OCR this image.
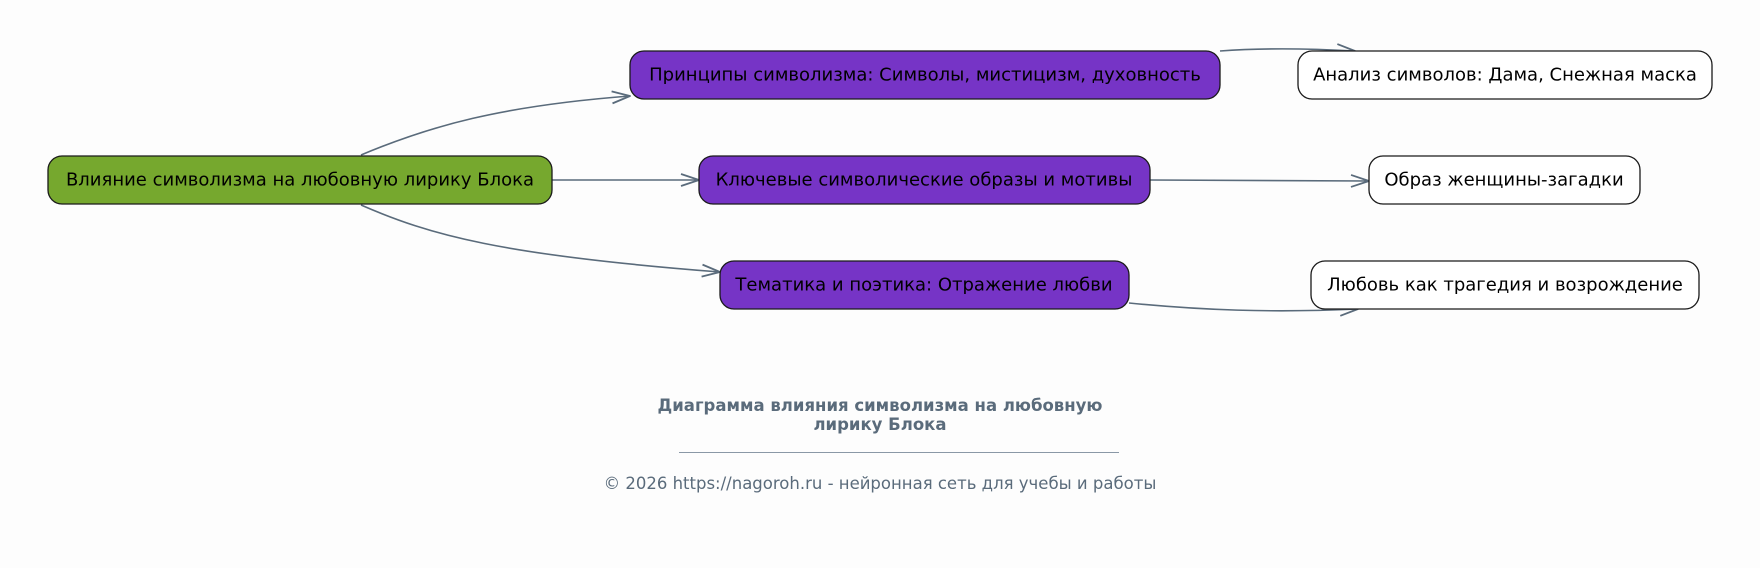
Влияние символизма на любовную лирику Блока
Принципы символизма: Символы, мистицизм, духовность	Анализ символов: Дама, Снежная маска
Ключевые символические образы и мотивы	Образ женщины-загадки
Тематика и поэтика: Отражение любви	Любовь как трагедия и возрождение
Диаграмма влияния символизма на любовную
лирику Блока
© 2026 https://nagoroh.ru - нейронная сеть для учебы и работы
